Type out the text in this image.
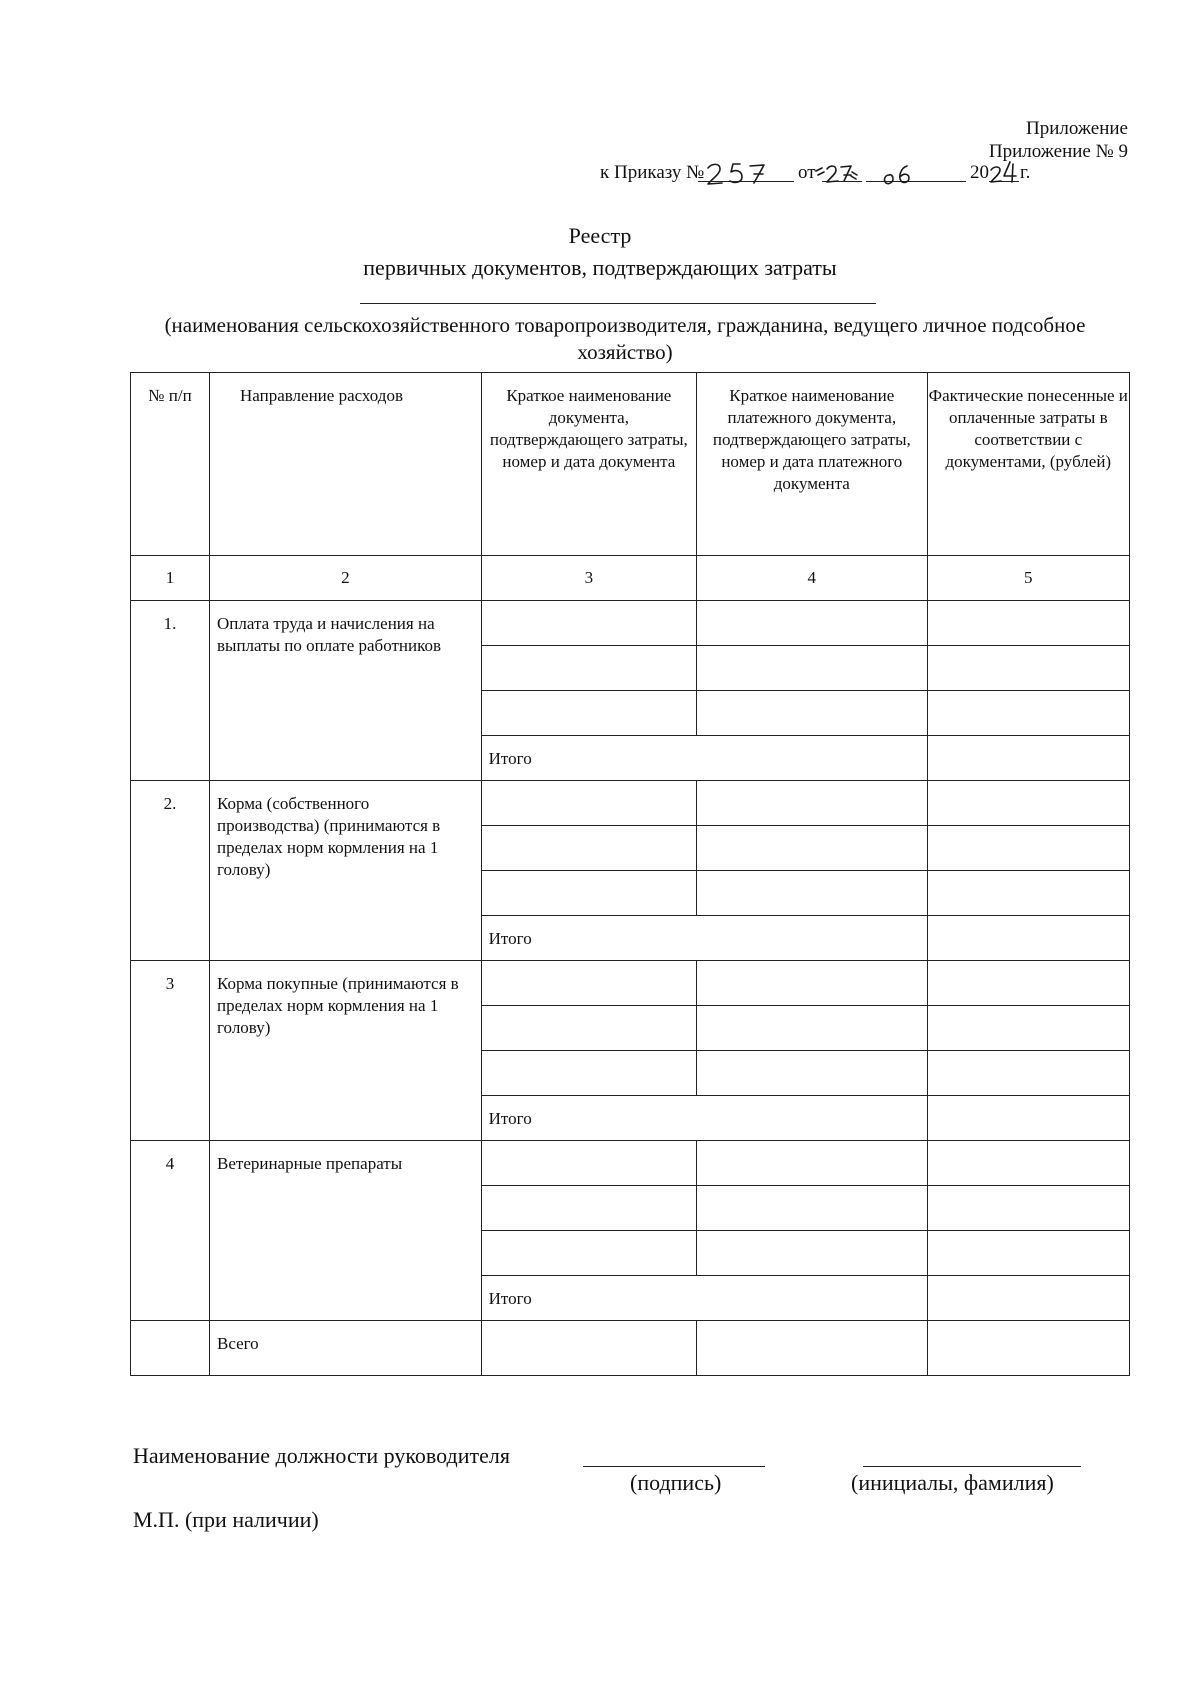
Приложение
Приложение № 9
к Приказу №	от	20 г.
Реестр
первичных документов, подтверждающих затраты
(наименования сельскохозяйственного товаропроизводителя, гражданина, ведущего личное подсобное хозяйство)
№ п/п	Направление расходов	Краткое наименование документа, подтверждающего затраты, номер и дата документа	Краткое наименование платежного документа, подтверждающего затраты, номер и дата платежного документа	Фактические понесенные и оплаченные затраты в соответствии с документами, (рублей)
1	2	3	4	5
1.	Оплата труда и начисления на выплаты по оплате работников			

		Итого		
2.	Корма (собственного производства) (принимаются в пределах норм кормления на 1 голову)			

		Итого		
3	Корма покупные (принимаются в пределах норм кормления на 1 голову)			

		Итого		
4	Ветеринарные препараты			

		Итого		
	Всего			
Наименование должности руководителя
(подпись)	(инициалы, фамилия)
М.П. (при наличии)
